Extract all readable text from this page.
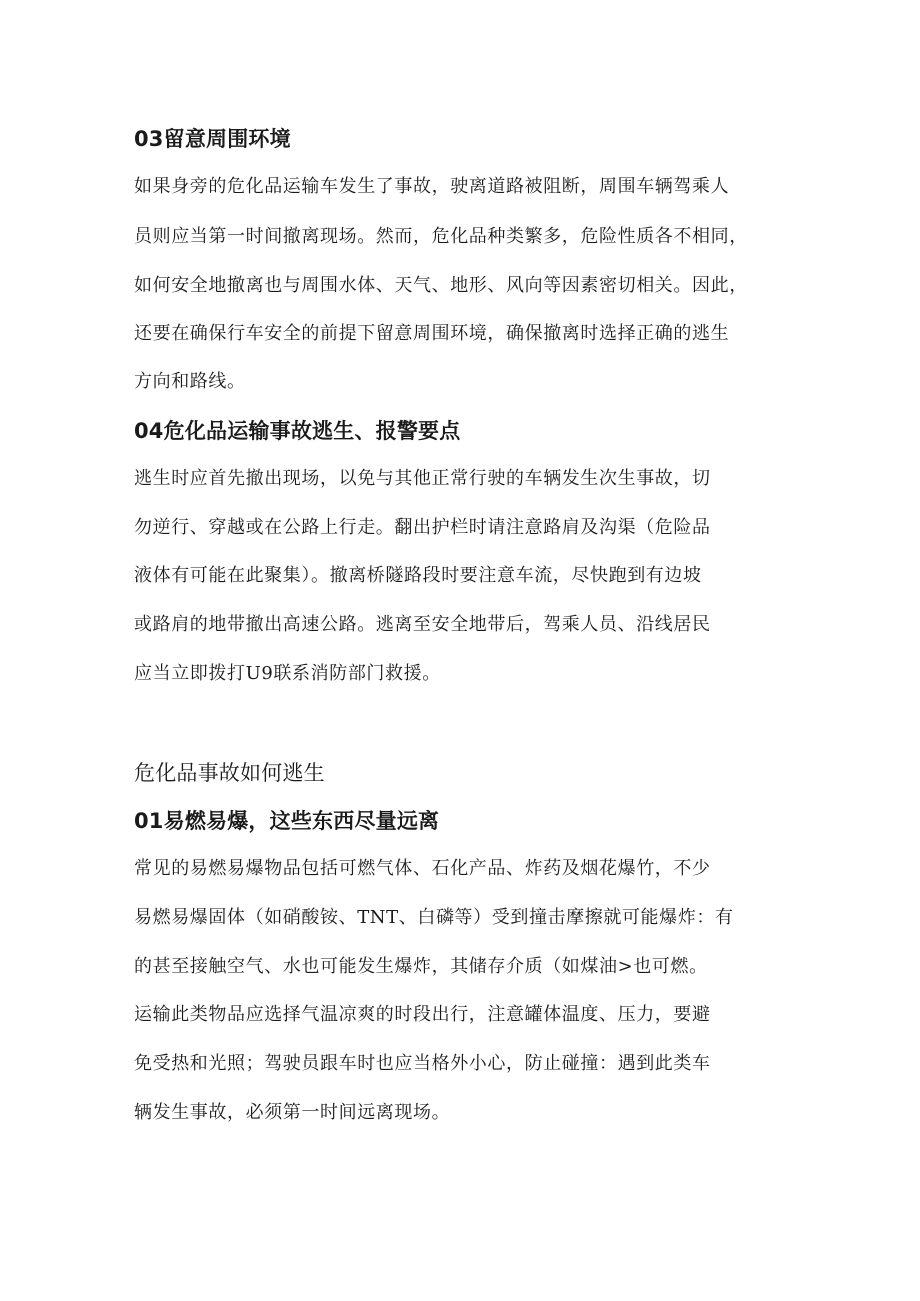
03留意周围环境
如果身旁的危化品运输车发生了事故，驶离道路被阻断，周围车辆驾乘人
员则应当第一时间撤离现场。然而，危化品种类繁多，危险性质各不相同，
如何安全地撤离也与周围水体、天气、地形、风向等因素密切相关。因此，
还要在确保行车安全的前提下留意周围环境，确保撤离时选择正确的逃生
方向和路线。
04危化品运输事故逃生、报警要点
逃生时应首先撤出现场，以免与其他正常行驶的车辆发生次生事故，切
勿逆行、穿越或在公路上行走。翻出护栏时请注意路肩及沟渠（危险品
液体有可能在此聚集）。撤离桥隧路段时要注意车流，尽快跑到有边坡
或路肩的地带撤出高速公路。逃离至安全地带后，驾乘人员、沿线居民
应当立即拨打U9联系消防部门救援。
危化品事故如何逃生
01易燃易爆，这些东西尽量远离
常见的易燃易爆物品包括可燃气体、石化产品、炸药及烟花爆竹，不少
易燃易爆固体（如硝酸铵、TNT、白磷等）受到撞击摩擦就可能爆炸：有
的甚至接触空气、水也可能发生爆炸，其储存介质（如煤油>也可燃。
运输此类物品应选择气温凉爽的时段出行，注意罐体温度、压力，要避
免受热和光照；驾驶员跟车时也应当格外小心，防止碰撞：遇到此类车
辆发生事故，必须第一时间远离现场。
